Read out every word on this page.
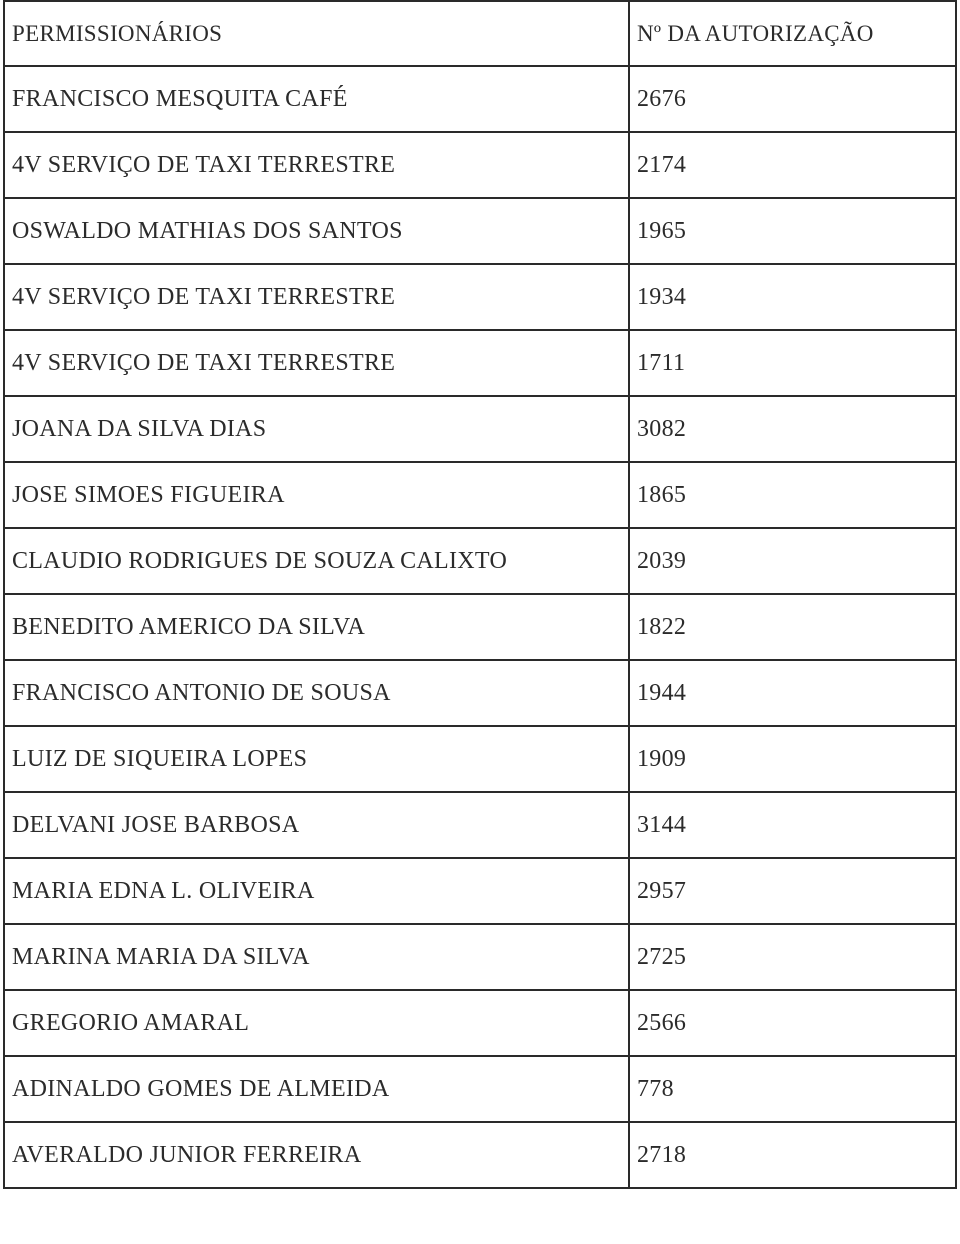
PERMISSIONÁRIOS	Nº DA AUTORIZAÇÃO
FRANCISCO MESQUITA CAFÉ	2676
4V SERVIÇO DE TAXI TERRESTRE	2174
OSWALDO MATHIAS DOS SANTOS	1965
4V SERVIÇO DE TAXI TERRESTRE	1934
4V SERVIÇO DE TAXI TERRESTRE	1711
JOANA DA SILVA DIAS	3082
JOSE SIMOES FIGUEIRA	1865
CLAUDIO RODRIGUES DE SOUZA CALIXTO	2039
BENEDITO AMERICO DA SILVA	1822
FRANCISCO ANTONIO DE SOUSA	1944
LUIZ DE SIQUEIRA LOPES	1909
DELVANI JOSE BARBOSA	3144
MARIA EDNA L. OLIVEIRA	2957
MARINA MARIA DA SILVA	2725
GREGORIO AMARAL	2566
ADINALDO GOMES DE ALMEIDA	778
AVERALDO JUNIOR FERREIRA	2718
